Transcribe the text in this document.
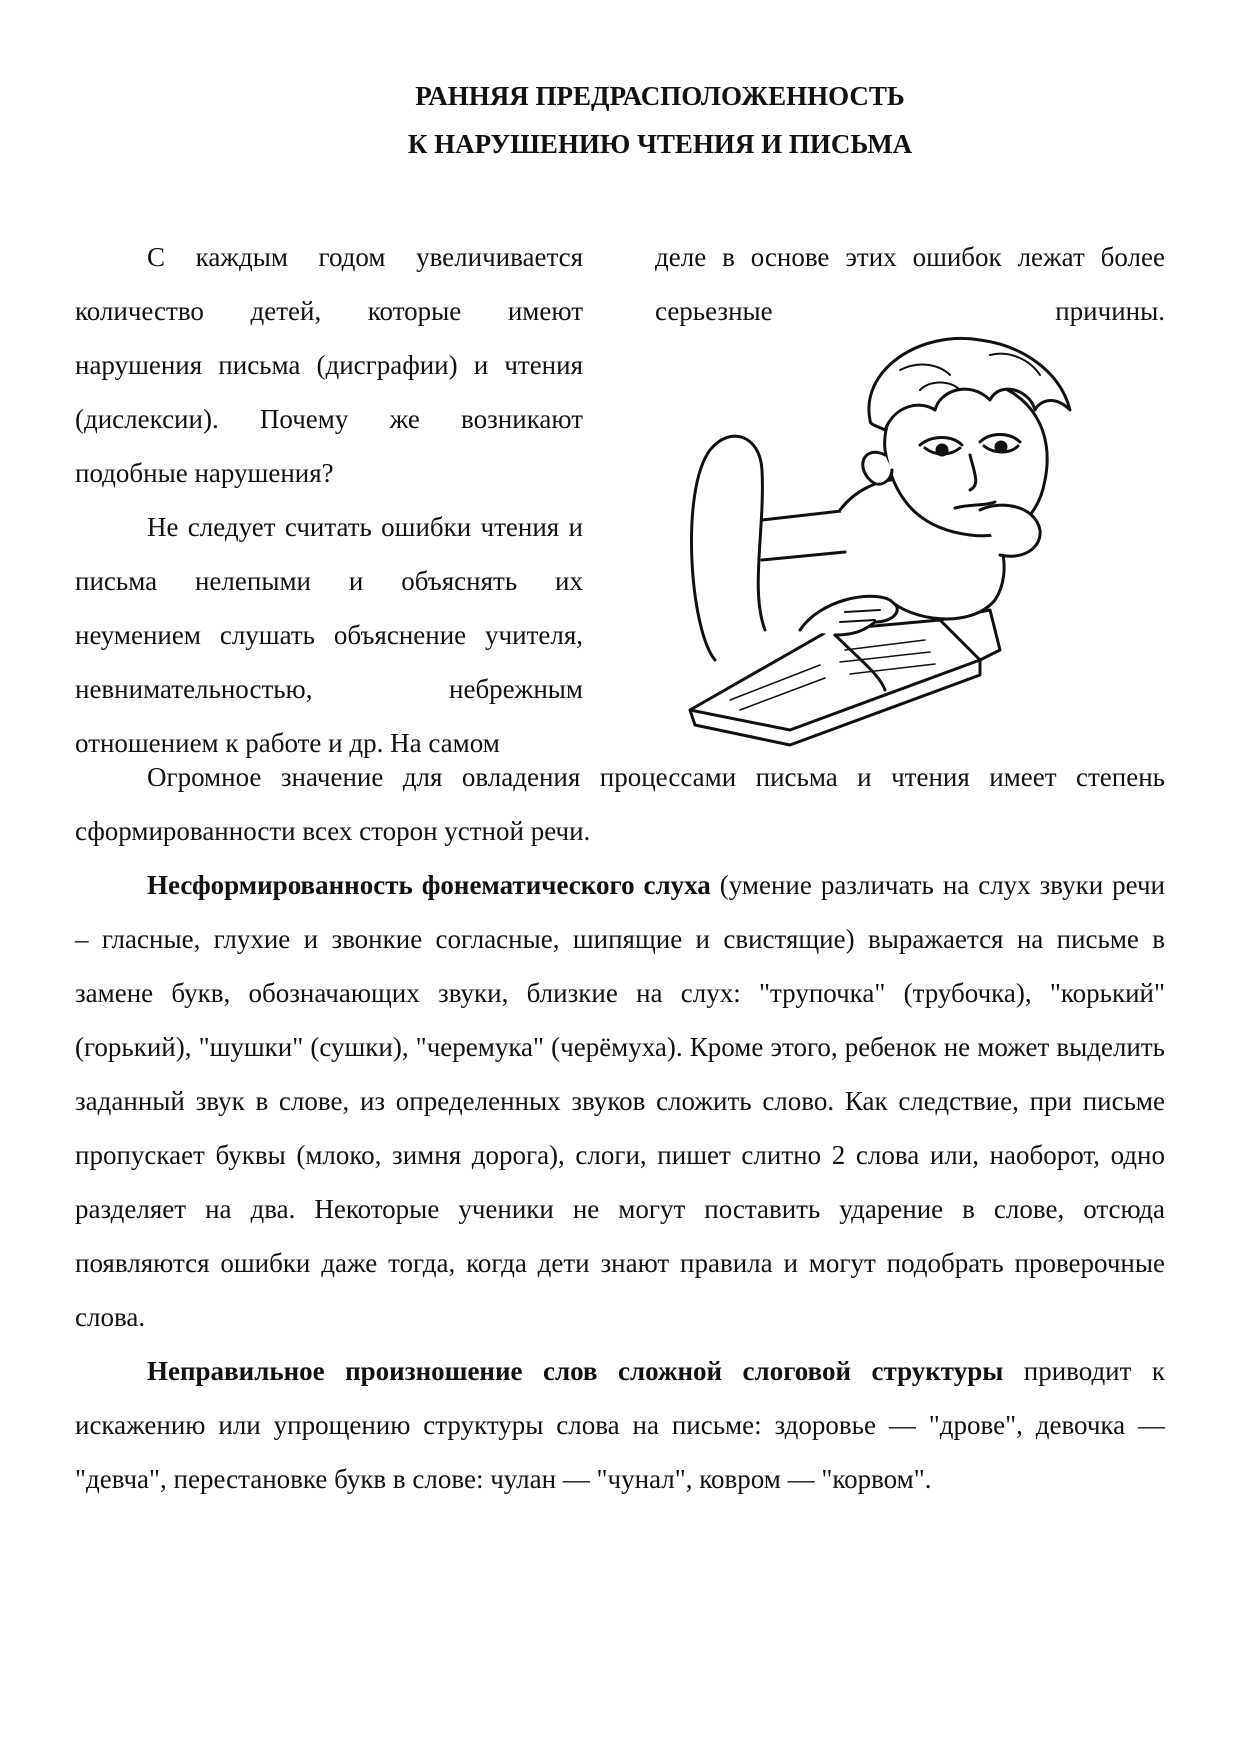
РАННЯЯ ПРЕДРАСПОЛОЖЕННОСТЬ
К НАРУШЕНИЮ ЧТЕНИЯ И ПИСЬМА

С каждым годом увеличивается количество детей, которые имеют нарушения письма (дисграфии) и чтения (дислексии). Почему же возникают подобные нарушения?

Не следует считать ошибки чтения и письма нелепыми и объяснять их неумением слушать объяснение учителя, невнимательностью, небрежным отношением к работе и др. На самом

деле в основе этих ошибок лежат более серьезные причины.

Огромное значение для овладения процессами письма и чтения имеет степень сформированности всех сторон устной речи.

Несформированность фонематического слуха (умение различать на слух звуки речи – гласные, глухие и звонкие согласные, шипящие и свистящие) выражается на письме в замене букв, обозначающих звуки, близкие на слух: "трупочка" (трубочка), "корький" (горький), "шушки" (сушки), "черемука" (черёмуха). Кроме этого, ребенок не может выделить заданный звук в слове, из определенных звуков сложить слово. Как следствие, при письме пропускает буквы (млоко, зимня дорога), слоги, пишет слитно 2 слова или, наоборот, одно разделяет на два. Некоторые ученики не могут поставить ударение в слове, отсюда появляются ошибки даже тогда, когда дети знают правила и могут подобрать проверочные слова.

Неправильное произношение слов сложной слоговой структуры приводит к искажению или упрощению структуры слова на письме: здоровье — "дрове", девочка — "девча", перестановке букв в слове: чулан — "чунал", ковром — "корвом".
